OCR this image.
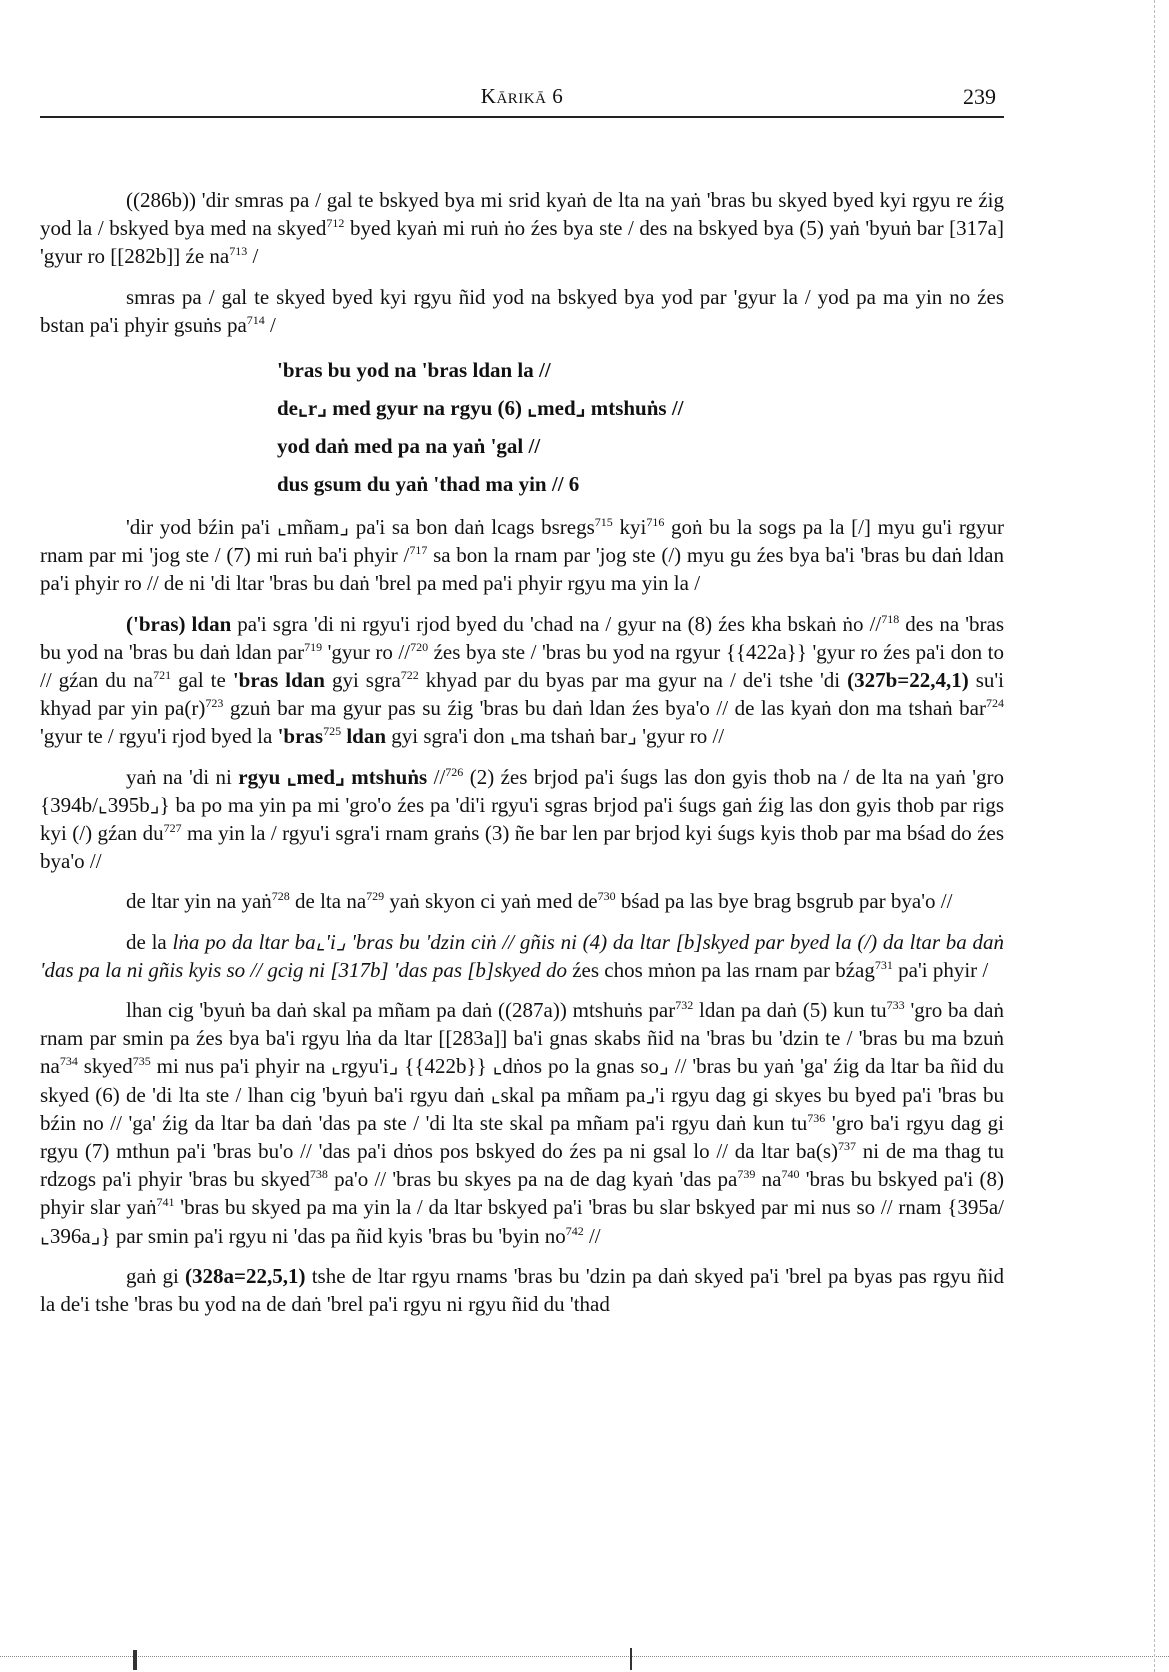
Kārikā 6	239

((286b)) 'dir smras pa / gal te bskyed bya mi srid kyaṅ de lta na yaṅ 'bras bu skyed byed kyi rgyu re źig yod la / bskyed bya med na skyed$^{712}$ byed kyaṅ mi ruṅ ṅo źes bya ste / des na bskyed bya (5) yaṅ 'byuṅ bar [317a] 'gyur ro [[282b]] źe $na^{713}$ /

smras pa / gal te skyed byed kyi rgyu ñid yod na bskyed bya yod par 'gyur la / yod pa ma yin no źes bstan pa'i phyir gsuṅs $pa^{714}$ /

'bras bu yod na 'bras ldan la //
de⌞r⌟ med gyur na rgyu (6) ⌞med⌟ mtshuṅs //
yod daṅ med pa na yaṅ 'gal //
dus gsum du yaṅ 'thad ma yin // 6

'dir yod bźin pa'i ⌞mñam⌟ pa'i sa bon daṅ lcags bsregs$^{715}$ kyi$^{716}$ goṅ bu la sogs pa la [/] myu gu'i rgyur rnam par mi 'jog ste / (7) mi ruṅ ba'i phyir /$^{717}$ sa bon la rnam par 'jog ste (/) myu gu źes bya ba'i 'bras bu daṅ ldan pa'i phyir ro // de ni 'di ltar 'bras bu daṅ 'brel pa med pa'i phyir rgyu ma yin la /

('bras) ldan pa'i sgra 'di ni rgyu'i rjod byed du 'chad na / gyur na (8) źes kha bskaṅ ṅo //$^{718}$ des na 'bras bu yod na 'bras bu daṅ ldan par$^{719}$ 'gyur ro //$^{720}$ źes bya ste / 'bras bu yod na rgyur {{422a}} 'gyur ro źes pa'i don to // gźan du $na^{721}$ gal te 'bras ldan gyi sgra$^{722}$ khyad par du byas par ma gyur na / de'i tshe 'di (327b=22,4,1) su'i khyad par yin $pa(r)^{723}$ gzuṅ bar ma gyur pas su źig 'bras bu daṅ ldan źes bya'o // de las kyaṅ don ma tshaṅ bar$^{724}$ 'gyur te / rgyu'i rjod byed la 'bras$^{725}$ ldan gyi sgra'i don ⌞ma tshaṅ bar⌟ 'gyur ro //

yaṅ na 'di ni rgyu ⌞med⌟ mtshuṅs //$^{726}$ (2) źes brjod pa'i śugs las don gyis thob na / de lta na yaṅ 'gro {394b/⌞395b⌟} ba po ma yin pa mi 'gro'o źes pa 'di'i rgyu'i sgras brjod pa'i śugs gaṅ źig las don gyis thob par rigs kyi (/) gźan $du^{727}$ ma yin la / rgyu'i sgra'i rnam graṅs (3) ñe bar len par brjod kyi śugs kyis thob par ma bśad do źes bya'o //

de ltar yin na yaṅ$^{728}$ de lta $na^{729}$ yaṅ skyon ci yaṅ med $de^{730}$ bśad pa las bye brag bsgrub par bya'o //

de la lṅa po da ltar ba⌞'i⌟ 'bras bu 'dzin ciṅ // gñis ni (4) da ltar [b]skyed par byed la (/) da ltar ba daṅ 'das pa la ni gñis kyis so // gcig ni [317b] 'das pas [b]skyed do źes chos mṅon pa las rnam par bźag$^{731}$ pa'i phyir /

lhan cig 'byuṅ ba daṅ skal pa mñam pa daṅ ((287a)) mtshuṅs par$^{732}$ ldan pa daṅ (5) kun $tu^{733}$ 'gro ba daṅ rnam par smin pa źes bya ba'i rgyu lṅa da ltar [[283a]] ba'i gnas skabs ñid na 'bras bu 'dzin te / 'bras bu ma bzuṅ $na^{734}$ skyed$^{735}$ mi nus pa'i phyir na ⌞rgyu'i⌟ {{422b}} ⌞dṅos po la gnas so⌟ // 'bras bu yaṅ 'ga' źig da ltar ba ñid du skyed (6) de 'di lta ste / lhan cig 'byuṅ ba'i rgyu daṅ ⌞skal pa mñam pa⌟'i rgyu dag gi skyes bu byed pa'i 'bras bu bźin no // 'ga' źig da ltar ba daṅ 'das pa ste / 'di lta ste skal pa mñam pa'i rgyu daṅ kun $tu^{736}$ 'gro ba'i rgyu dag gi rgyu (7) mthun pa'i 'bras bu'o // 'das pa'i dṅos pos bskyed do źes pa ni gsal lo // da ltar $ba(s)^{737}$ ni de ma thag tu rdzogs pa'i phyir 'bras bu skyed$^{738}$ pa'o // 'bras bu skyes pa na de dag kyaṅ 'das $pa^{739}$ $na^{740}$ 'bras bu bskyed pa'i (8) phyir slar yaṅ$^{741}$ 'bras bu skyed pa ma yin la / da ltar bskyed pa'i 'bras bu slar bskyed par mi nus so // rnam {395a/⌞396a⌟} par smin pa'i rgyu ni 'das pa ñid kyis 'bras bu 'byin $no^{742}$ //

gaṅ gi (328a=22,5,1) tshe de ltar rgyu rnams 'bras bu 'dzin pa daṅ skyed pa'i 'brel pa byas pas rgyu ñid la de'i tshe 'bras bu yod na de daṅ 'brel pa'i rgyu ni rgyu ñid du 'thad
